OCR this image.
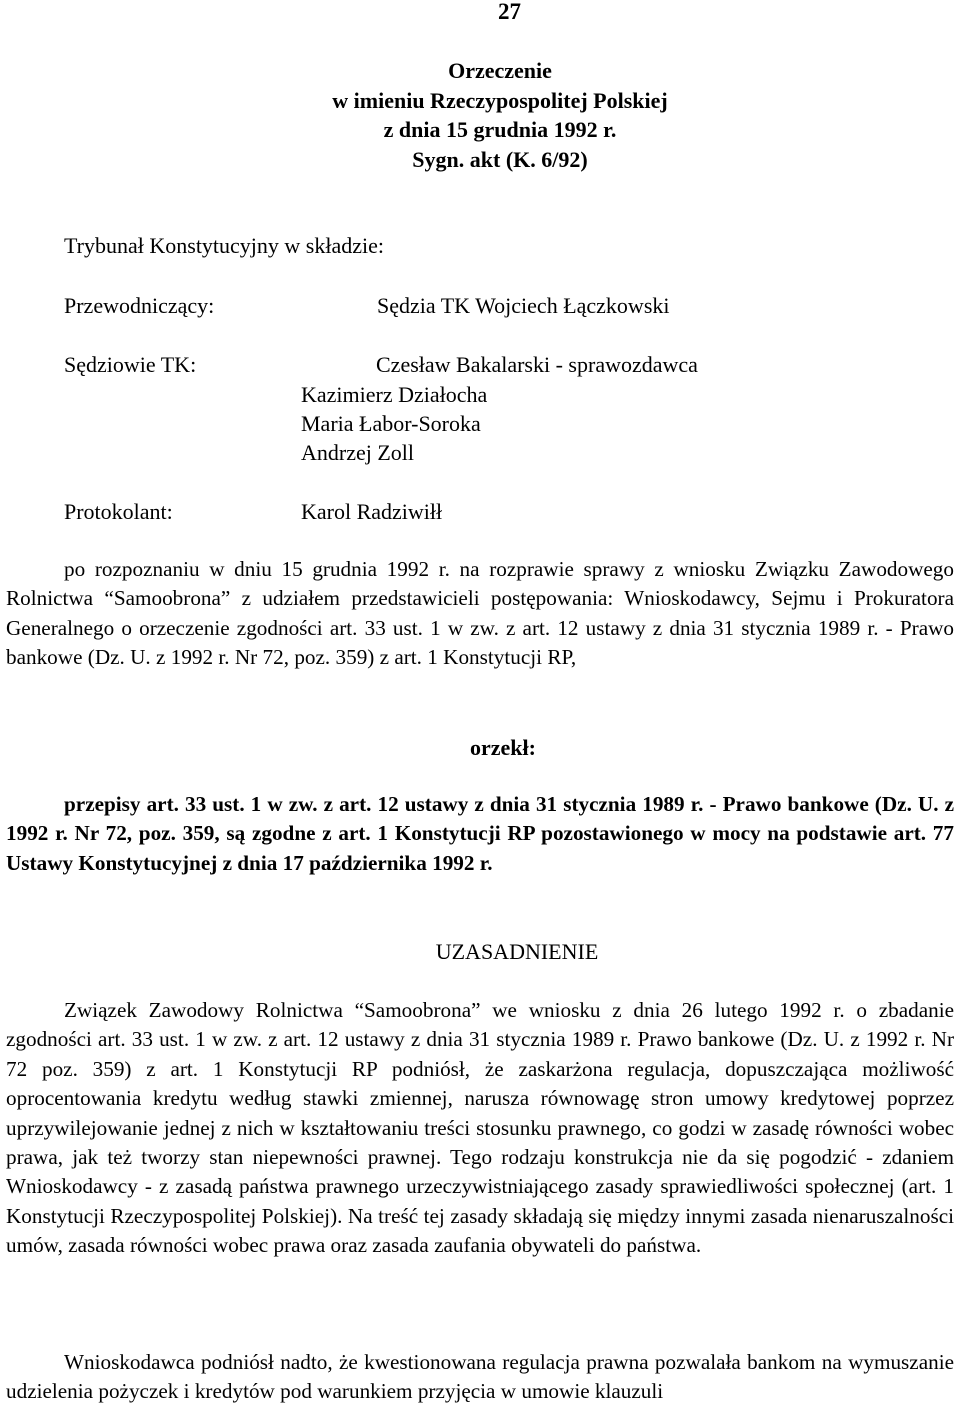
27
Orzeczenie
w imieniu Rzeczypospolitej Polskiej
z dnia 15 grudnia 1992 r.
Sygn. akt (K. 6/92)
Trybunał Konstytucyjny w składzie:
Przewodniczący:	Sędzia TK Wojciech Łączkowski
Sędziowie TK:	Czesław Bakalarski - sprawozdawca
Kazimierz Działocha
Maria Łabor-Soroka
Andrzej Zoll
Protokolant:	Karol Radziwiłł
po rozpoznaniu w dniu 15 grudnia 1992 r. na rozprawie sprawy z wniosku Związku Zawodowego Rolnictwa “Samoobrona” z udziałem przedstawicieli postępowania: Wnioskodawcy, Sejmu i Prokuratora Generalnego o orzeczenie zgodności art. 33 ust. 1 w zw. z art. 12 ustawy z dnia 31 stycznia 1989 r. - Prawo bankowe (Dz. U. z 1992 r. Nr 72, poz. 359) z art. 1 Konstytucji RP,
orzekł:
przepisy art. 33 ust. 1 w zw. z art. 12 ustawy z dnia 31 stycznia 1989 r. - Prawo bankowe (Dz. U. z 1992 r. Nr 72, poz. 359, są zgodne z art. 1 Konstytucji RP pozostawionego w mocy na podstawie art. 77 Ustawy Konstytucyjnej z dnia 17 października 1992 r.
UZASADNIENIE
Związek Zawodowy Rolnictwa “Samoobrona” we wniosku z dnia 26 lutego 1992 r. o zbadanie zgodności art. 33 ust. 1 w zw. z art. 12 ustawy z dnia 31 stycznia 1989 r. Prawo bankowe (Dz. U. z 1992 r. Nr 72 poz. 359) z art. 1 Konstytucji RP podniósł, że zaskarżona regulacja, dopuszczająca możliwość oprocentowania kredytu według stawki zmiennej, narusza równowagę stron umowy kredytowej poprzez uprzywilejowanie jednej z nich w kształtowaniu treści stosunku prawnego, co godzi w zasadę równości wobec prawa, jak też tworzy stan niepewności prawnej. Tego rodzaju konstrukcja nie da się pogodzić - zdaniem Wnioskodawcy - z zasadą państwa prawnego urzeczywistniającego zasady sprawiedliwości społecznej (art. 1 Konstytucji Rzeczypospolitej Polskiej). Na treść tej zasady składają się między innymi zasada nienaruszalności umów, zasada równości wobec prawa oraz zasada zaufania obywateli do państwa.
Wnioskodawca podniósł nadto, że kwestionowana regulacja prawna pozwalała bankom na wymuszanie udzielenia pożyczek i kredytów pod warunkiem przyjęcia w umowie klauzuli
